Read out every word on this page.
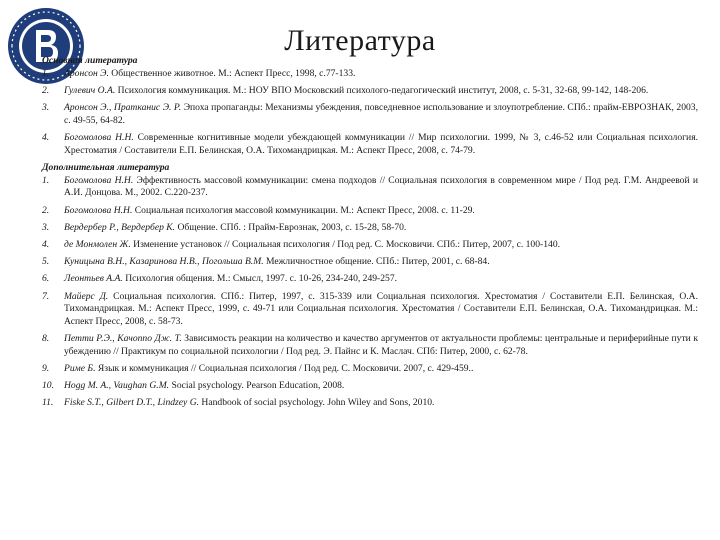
Литература

Основная литература

1.	Аронсон Э. Общественное животное. М.: Аспект Пресс, 1998, с.77-133.
2.	Гулевич О.А. Психология коммуникация. М.: НОУ ВПО Московский психолого-педагогический институт, 2008, с. 5-31, 32-68, 99-142, 148-206.
3.	Аронсон Э., Пратканис Э. Р. Эпоха пропаганды: Механизмы убеждения, повседневное использование и злоупотребление. СПб.: прайм-ЕВРОЗНАК, 2003, с. 49-55, 64-82.
4.	Богомолова Н.Н. Современные когнитивные модели убеждающей коммуникации // Мир психологии. 1999, № 3, с.46-52 или Социальная психология. Хрестоматия / Составители Е.П. Белинская, О.А. Тихомандрицкая. М.: Аспект Пресс, 2008, с. 74-79.

Дополнительная литература

1.	Богомолова Н.Н. Эффективность массовой коммуникации: смена подходов // Социальная психология в современном мире / Под ред. Г.М. Андреевой и А.И. Донцова. М., 2002. С.220-237.
2.	Богомолова Н.Н. Социальная психология массовой коммуникации. М.: Аспект Пресс, 2008. с. 11-29.
3.	Вердербер Р., Вердербер К. Общение. СПб. : Прайм-Еврознак, 2003, с. 15-28, 58-70.
4.	де Монмолен Ж. Изменение установок // Социальная психология / Под ред. С. Московичи. СПб.: Питер, 2007, с. 100-140.
5.	Куницына В.Н., Казаринова Н.В., Погольша В.М. Межличностное общение. СПб.: Питер, 2001, с. 68-84.
6.	Леонтьев А.А. Психология общения. М.: Смысл, 1997. с. 10-26, 234-240, 249-257.
7.	Майерс Д. Социальная психология. СПб.: Питер, 1997, с. 315-339 или Социальная психология. Хрестоматия / Составители Е.П. Белинская, О.А. Тихомандрицкая. М.: Аспект Пресс, 1999, с. 49-71 или Социальная психология. Хрестоматия / Составители Е.П. Белинская, О.А. Тихомандрицкая. М.: Аспект Пресс, 2008, с. 58-73.
8.	Петти Р.Э., Качоппо Дж. Т. Зависимость реакции на количество и качество аргументов от актуальности проблемы: центральные и периферийные пути к убеждению // Практикум по социальной психологии / Под ред. Э. Пайнс и К. Маслач. СПб: Питер, 2000, с. 62-78.
9.	Риме Б. Язык и коммуникация // Социальная психология / Под ред. С. Московичи. 2007, с. 429-459..
10.	Hogg M. A., Vaughan G.M. Social psychology. Pearson Education, 2008.
11.	Fiske S.T., Gilbert D.T., Lindzey G. Handbook of social psychology. John Wiley and Sons, 2010.
